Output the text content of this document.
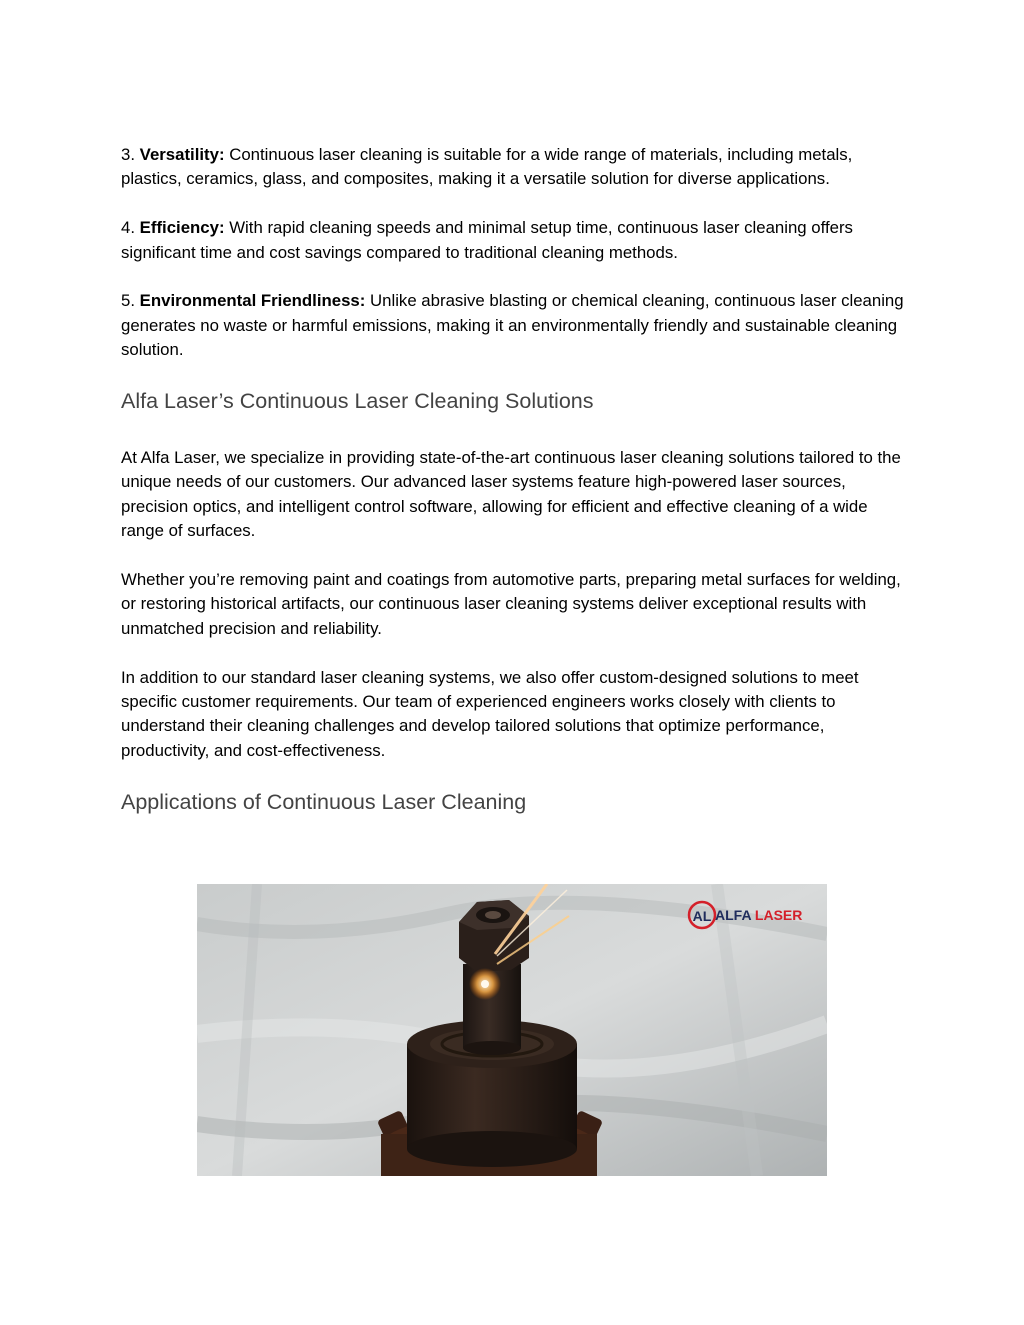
3. Versatility: Continuous laser cleaning is suitable for a wide range of materials, including metals, plastics, ceramics, glass, and composites, making it a versatile solution for diverse applications.

4. Efficiency: With rapid cleaning speeds and minimal setup time, continuous laser cleaning offers significant time and cost savings compared to traditional cleaning methods.

5. Environmental Friendliness: Unlike abrasive blasting or chemical cleaning, continuous laser cleaning generates no waste or harmful emissions, making it an environmentally friendly and sustainable cleaning solution.

Alfa Laser’s Continuous Laser Cleaning Solutions

At Alfa Laser, we specialize in providing state-of-the-art continuous laser cleaning solutions tailored to the unique needs of our customers. Our advanced laser systems feature high-powered laser sources, precision optics, and intelligent control software, allowing for efficient and effective cleaning of a wide range of surfaces.

Whether you’re removing paint and coatings from automotive parts, preparing metal surfaces for welding, or restoring historical artifacts, our continuous laser cleaning systems deliver exceptional results with unmatched precision and reliability.

In addition to our standard laser cleaning systems, we also offer custom-designed solutions to meet specific customer requirements. Our team of experienced engineers works closely with clients to understand their cleaning challenges and develop tailored solutions that optimize performance, productivity, and cost-effectiveness.

Applications of Continuous Laser Cleaning
AL ALFA LASER
